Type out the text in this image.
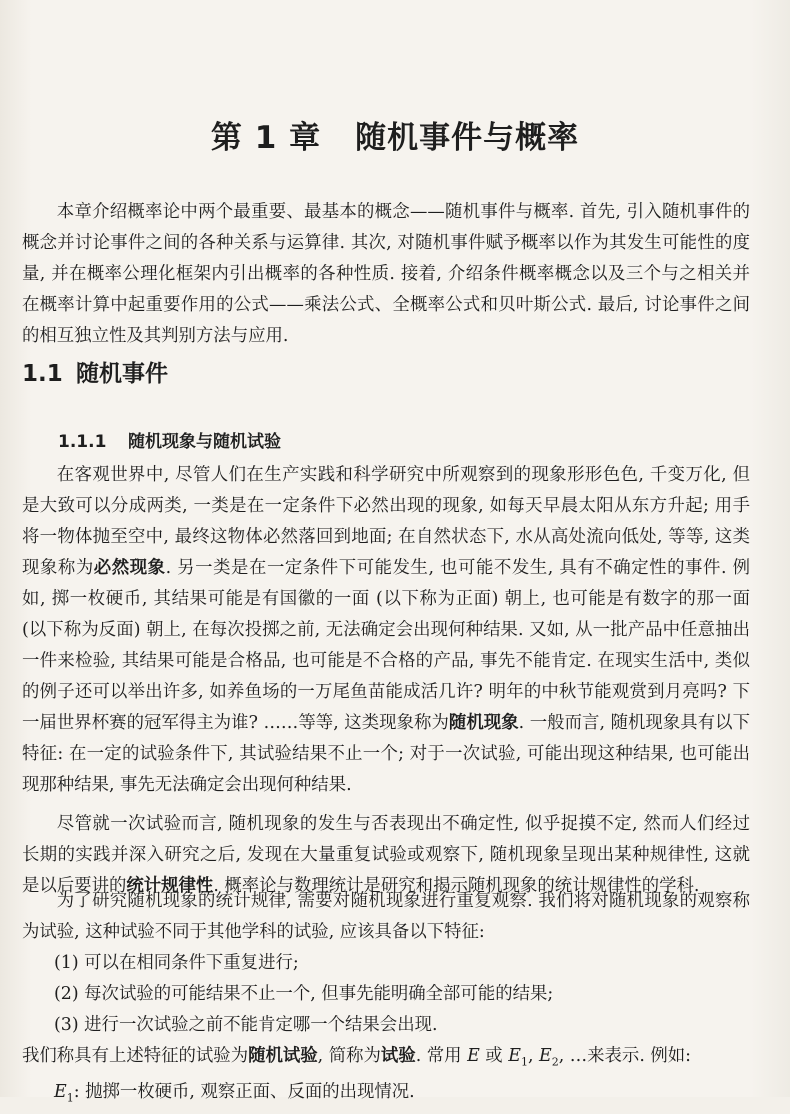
第 1 章 随机事件与概率

本章介绍概率论中两个最重要、最基本的概念——随机事件与概率. 首先, 引入随机事件的概念并讨论事件之间的各种关系与运算律. 其次, 对随机事件赋予概率以作为其发生可能性的度量, 并在概率公理化框架内引出概率的各种性质. 接着, 介绍条件概率概念以及三个与之相关并在概率计算中起重要作用的公式——乘法公式、全概率公式和贝叶斯公式. 最后, 讨论事件之间的相互独立性及其判别方法与应用.

1.1 随机事件
1.1.1 随机现象与随机试验

在客观世界中, 尽管人们在生产实践和科学研究中所观察到的现象形形色色, 千变万化, 但是大致可以分成两类, 一类是在一定条件下必然出现的现象, 如每天早晨太阳从东方升起; 用手将一物体抛至空中, 最终这物体必然落回到地面; 在自然状态下, 水从高处流向低处, 等等, 这类现象称为必然现象. 另一类是在一定条件下可能发生, 也可能不发生, 具有不确定性的事件. 例如, 掷一枚硬币, 其结果可能是有国徽的一面 (以下称为正面) 朝上, 也可能是有数字的那一面 (以下称为反面) 朝上, 在每次投掷之前, 无法确定会出现何种结果. 又如, 从一批产品中任意抽出一件来检验, 其结果可能是合格品, 也可能是不合格的产品, 事先不能肯定. 在现实生活中, 类似的例子还可以举出许多, 如养鱼场的一万尾鱼苗能成活几许? 明年的中秋节能观赏到月亮吗? 下一届世界杯赛的冠军得主为谁? ……等等, 这类现象称为随机现象. 一般而言, 随机现象具有以下特征: 在一定的试验条件下, 其试验结果不止一个; 对于一次试验, 可能出现这种结果, 也可能出现那种结果, 事先无法确定会出现何种结果.

尽管就一次试验而言, 随机现象的发生与否表现出不确定性, 似乎捉摸不定, 然而人们经过长期的实践并深入研究之后, 发现在大量重复试验或观察下, 随机现象呈现出某种规律性, 这就是以后要讲的统计规律性. 概率论与数理统计是研究和揭示随机现象的统计规律性的学科.

为了研究随机现象的统计规律, 需要对随机现象进行重复观察. 我们将对随机现象的观察称为试验, 这种试验不同于其他学科的试验, 应该具备以下特征:

(1) 可以在相同条件下重复进行;

(2) 每次试验的可能结果不止一个, 但事先能明确全部可能的结果;

(3) 进行一次试验之前不能肯定哪一个结果会出现.

我们称具有上述特征的试验为随机试验, 简称为试验. 常用 E 或 $E_1$, $E_2$, …来表示. 例如:

$E_1$: 抛掷一枚硬币, 观察正面、反面的出现情况.
